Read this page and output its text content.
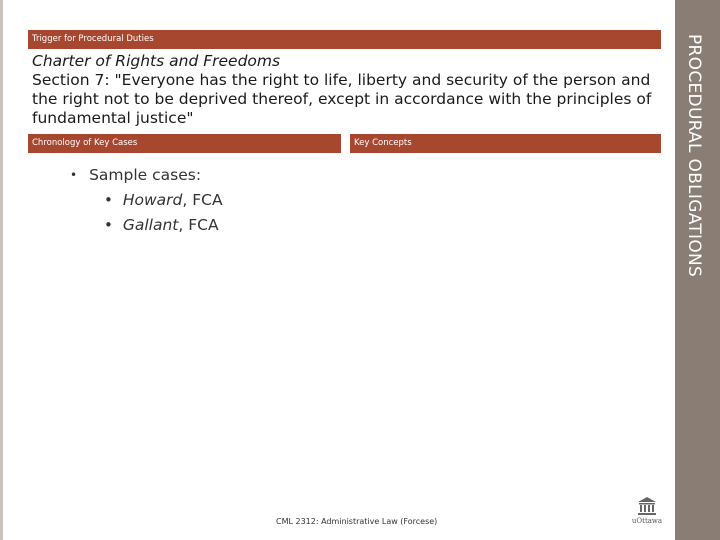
Trigger for Procedural Duties
Charter of Rights and Freedoms
Section 7: "Everyone has the right to life, liberty and security of the person and the right not to be deprived thereof, except in accordance with the principles of fundamental justice"
Chronology of Key Cases	Key Concepts
• Sample cases:
• Howard , FCA
• Gallant , FCA
CML 2312: Administrative Law (Forcese)	uOttawa
PROCEDURAL OBLIGATIONS
